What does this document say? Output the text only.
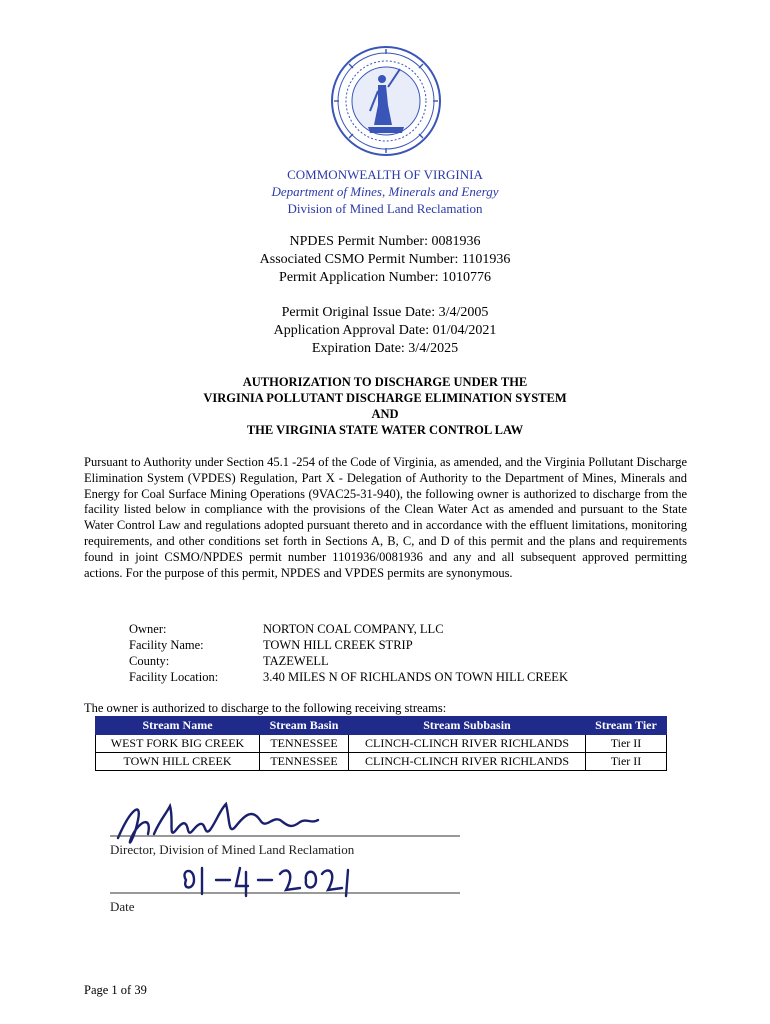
COMMONWEALTH OF VIRGINIA
Department of Mines, Minerals and Energy
Division of Mined Land Reclamation
NPDES Permit Number: 0081936
Associated CSMO Permit Number: 1101936
Permit Application Number: 1010776
Permit Original Issue Date: 3/4/2005
Application Approval Date: 01/04/2021
Expiration Date: 3/4/2025
AUTHORIZATION TO DISCHARGE UNDER THE
VIRGINIA POLLUTANT DISCHARGE ELIMINATION SYSTEM
AND
THE VIRGINIA STATE WATER CONTROL LAW
Pursuant to Authority under Section 45.1 -254 of the Code of Virginia, as amended, and the Virginia Pollutant Discharge Elimination System (VPDES) Regulation, Part X - Delegation of Authority to the Department of Mines, Minerals and Energy for Coal Surface Mining Operations (9VAC25-31-940), the following owner is authorized to discharge from the facility listed below in compliance with the provisions of the Clean Water Act as amended and pursuant to the State Water Control Law and regulations adopted pursuant thereto and in accordance with the effluent limitations, monitoring requirements, and other conditions set forth in Sections A, B, C, and D of this permit and the plans and requirements found in joint CSMO/NPDES permit number 1101936/0081936 and any and all subsequent approved permitting actions. For the purpose of this permit, NPDES and VPDES permits are synonymous.
Owner:	NORTON COAL COMPANY, LLC
Facility Name:	TOWN HILL CREEK STRIP
County:	TAZEWELL
Facility Location:	3.40 MILES N OF RICHLANDS ON TOWN HILL CREEK
The owner is authorized to discharge to the following receiving streams:
Stream Name	Stream Basin	Stream Subbasin	Stream Tier
WEST FORK BIG CREEK	TENNESSEE	CLINCH-CLINCH RIVER RICHLANDS	Tier II
TOWN HILL CREEK	TENNESSEE	CLINCH-CLINCH RIVER RICHLANDS	Tier II
Director, Division of Mined Land Reclamation
Date
Page 1 of 39
